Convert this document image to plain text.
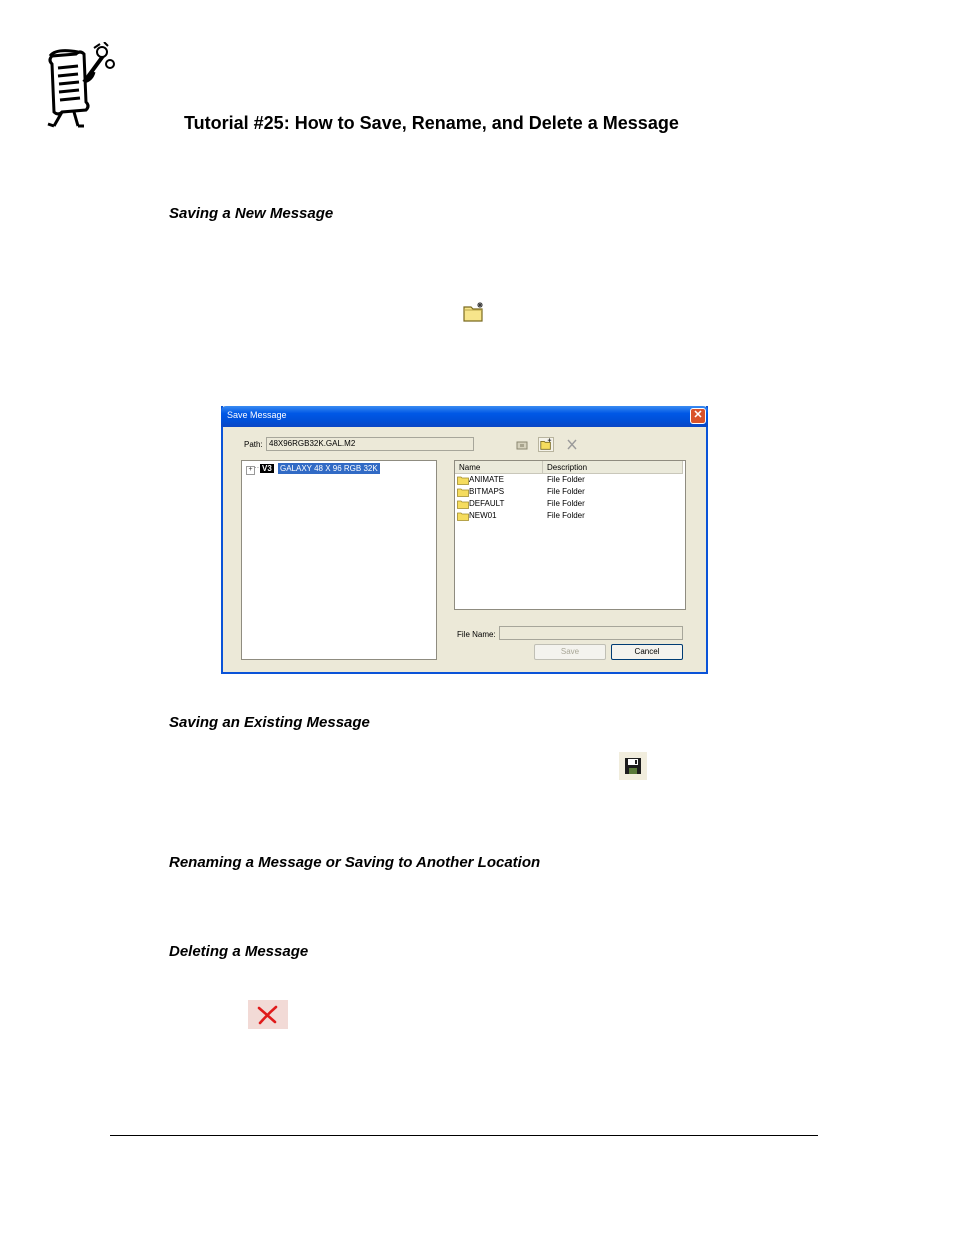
Tutorial #25: How to Save, Rename, and Delete a Message
Saving a New Message
Save Message	✕
Path: 48X96RGB32K.GAL.M2
+ ·· V3 GALAXY 48 X 96 RGB 32K	Name	Description
ANIMATE	File Folder
BITMAPS	File Folder
DEFAULT	File Folder
NEW01	File Folder
File Name:
Save	Cancel
Saving an Existing Message
Renaming a Message or Saving to Another Location
Deleting a Message
